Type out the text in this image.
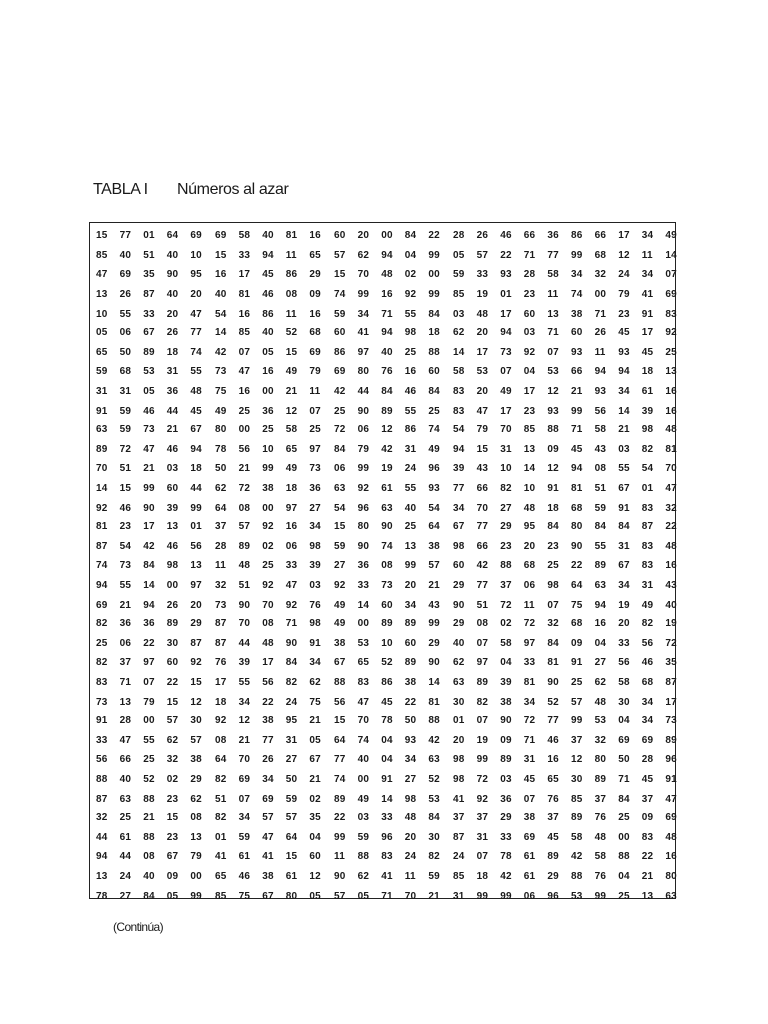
TABLA I Números al azar
15	77	01	64	69	69	58	40	81	16	60	20	00	84	22	28	26	46	66	36	86	66	17	34	49
85	40	51	40	10	15	33	94	11	65	57	62	94	04	99	05	57	22	71	77	99	68	12	11	14
47	69	35	90	95	16	17	45	86	29	15	70	48	02	00	59	33	93	28	58	34	32	24	34	07
13	26	87	40	20	40	81	46	08	09	74	99	16	92	99	85	19	01	23	11	74	00	79	41	69
10	55	33	20	47	54	16	86	11	16	59	34	71	55	84	03	48	17	60	13	38	71	23	91	83
05	06	67	26	77	14	85	40	52	68	60	41	94	98	18	62	20	94	03	71	60	26	45	17	92
65	50	89	18	74	42	07	05	15	69	86	97	40	25	88	14	17	73	92	07	93	11	93	45	25
59	68	53	31	55	73	47	16	49	79	69	80	76	16	60	58	53	07	04	53	66	94	94	18	13
31	31	05	36	48	75	16	00	21	11	42	44	84	46	84	83	20	49	17	12	21	93	34	61	16
91	59	46	44	45	49	25	36	12	07	25	90	89	55	25	83	47	17	23	93	99	56	14	39	16
63	59	73	21	67	80	00	25	58	25	72	06	12	86	74	54	79	70	85	88	71	58	21	98	48
89	72	47	46	94	78	56	10	65	97	84	79	42	31	49	94	15	31	13	09	45	43	03	82	81
70	51	21	03	18	50	21	99	49	73	06	99	19	24	96	39	43	10	14	12	94	08	55	54	70
14	15	99	60	44	62	72	38	18	36	63	92	61	55	93	77	66	82	10	91	81	51	67	01	47
92	46	90	39	99	64	08	00	97	27	54	96	63	40	54	34	70	27	48	18	68	59	91	83	32
81	23	17	13	01	37	57	92	16	34	15	80	90	25	64	67	77	29	95	84	80	84	84	87	22
87	54	42	46	56	28	89	02	06	98	59	90	74	13	38	98	66	23	20	23	90	55	31	83	48
74	73	84	98	13	11	48	25	33	39	27	36	08	99	57	60	42	88	68	25	22	89	67	83	16
94	55	14	00	97	32	51	92	47	03	92	33	73	20	21	29	77	37	06	98	64	63	34	31	43
69	21	94	26	20	73	90	70	92	76	49	14	60	34	43	90	51	72	11	07	75	94	19	49	40
82	36	36	89	29	87	70	08	71	98	49	00	89	89	99	29	08	02	72	32	68	16	20	82	19
25	06	22	30	87	87	44	48	90	91	38	53	10	60	29	40	07	58	97	84	09	04	33	56	72
82	37	97	60	92	76	39	17	84	34	67	65	52	89	90	62	97	04	33	81	91	27	56	46	35
83	71	07	22	15	17	55	56	82	62	88	83	86	38	14	63	89	39	81	90	25	62	58	68	87
73	13	79	15	12	18	34	22	24	75	56	47	45	22	81	30	82	38	34	52	57	48	30	34	17
91	28	00	57	30	92	12	38	95	21	15	70	78	50	88	01	07	90	72	77	99	53	04	34	73
33	47	55	62	57	08	21	77	31	05	64	74	04	93	42	20	19	09	71	46	37	32	69	69	89
56	66	25	32	38	64	70	26	27	67	77	40	04	34	63	98	99	89	31	16	12	80	50	28	96
88	40	52	02	29	82	69	34	50	21	74	00	91	27	52	98	72	03	45	65	30	89	71	45	91
87	63	88	23	62	51	07	69	59	02	89	49	14	98	53	41	92	36	07	76	85	37	84	37	47
32	25	21	15	08	82	34	57	57	35	22	03	33	48	84	37	37	29	38	37	89	76	25	09	69
44	61	88	23	13	01	59	47	64	04	99	59	96	20	30	87	31	33	69	45	58	48	00	83	48
94	44	08	67	79	41	61	41	15	60	11	88	83	24	82	24	07	78	61	89	42	58	88	22	16
13	24	40	09	00	65	46	38	61	12	90	62	41	11	59	85	18	42	61	29	88	76	04	21	80
78	27	84	05	99	85	75	67	80	05	57	05	71	70	21	31	99	99	06	96	53	99	25	13	63
(Continúa)
